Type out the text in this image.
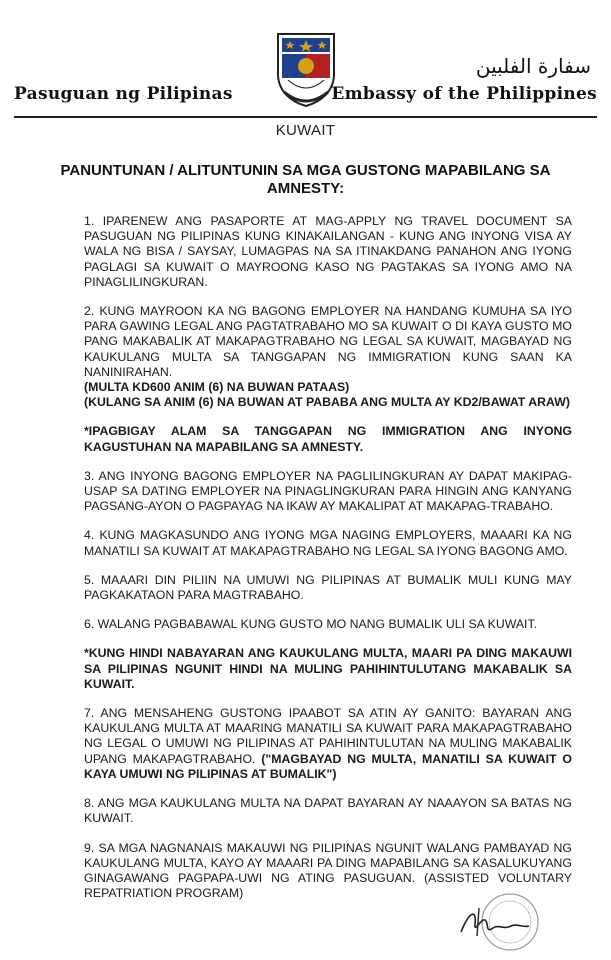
Pasuguan ng Pilipinas
سفارة الفلبين
Embassy of the Philippines
KUWAIT
PANUNTUNAN / ALITUNTUNIN SA MGA GUSTONG MAPABILANG SA AMNESTY:

1. IPARENEW ANG PASAPORTE AT MAG-APPLY NG TRAVEL DOCUMENT SA PASUGUAN NG PILIPINAS KUNG KINAKAILANGAN - KUNG ANG INYONG VISA AY WALA NG BISA / SAYSAY, LUMAGPAS NA SA ITINAKDANG PANAHON ANG IYONG PAGLAGI SA KUWAIT O MAYROONG KASO NG PAGTAKAS SA IYONG AMO NA PINAGLILINGKURAN.

2. KUNG MAYROON KA NG BAGONG EMPLOYER NA HANDANG KUMUHA SA IYO PARA GAWING LEGAL ANG PAGTATRABAHO MO SA KUWAIT O DI KAYA GUSTO MO PANG MAKABALIK AT MAKAPAGTRABAHO NG LEGAL SA KUWAIT, MAGBAYAD NG KAUKULANG MULTA SA TANGGAPAN NG IMMIGRATION KUNG SAAN KA NANINIRAHAN.
(MULTA KD600 ANIM (6) NA BUWAN PATAAS)
(KULANG SA ANIM (6) NA BUWAN AT PABABA ANG MULTA AY KD2/BAWAT ARAW)

*IPAGBIGAY ALAM SA TANGGAPAN NG IMMIGRATION ANG INYONG KAGUSTUHAN NA MAPABILANG SA AMNESTY.

3. ANG INYONG BAGONG EMPLOYER NA PAGLILINGKURAN AY DAPAT MAKIPAG-USAP SA DATING EMPLOYER NA PINAGLINGKURAN PARA HINGIN ANG KANYANG PAGSANG-AYON O PAGPAYAG NA IKAW AY MAKALIPAT AT MAKAPAG-TRABAHO.

4. KUNG MAGKASUNDO ANG IYONG MGA NAGING EMPLOYERS, MAAARI KA NG MANATILI SA KUWAIT AT MAKAPAGTRABAHO NG LEGAL SA IYONG BAGONG AMO.

5. MAAARI DIN PILIIN NA UMUWI NG PILIPINAS AT BUMALIK MULI KUNG MAY PAGKAKATAON PARA MAGTRABAHO.

6. WALANG PAGBABAWAL KUNG GUSTO MO NANG BUMALIK ULI SA KUWAIT.

*KUNG HINDI NABAYARAN ANG KAUKULANG MULTA, MAARI PA DING MAKAUWI SA PILIPINAS NGUNIT HINDI NA MULING PAHIHINTULUTANG MAKABALIK SA KUWAIT.

7. ANG MENSAHENG GUSTONG IPAABOT SA ATIN AY GANITO: BAYARAN ANG KAUKULANG MULTA AT MAARING MANATILI SA KUWAIT PARA MAKAPAGTRABAHO NG LEGAL O UMUWI NG PILIPINAS AT PAHIHINTULUTAN NA MULING MAKABALIK UPANG MAKAPAGTRABAHO. ("MAGBAYAD NG MULTA, MANATILI SA KUWAIT O KAYA UMUWI NG PILIPINAS AT BUMALIK")

8. ANG MGA KAUKULANG MULTA NA DAPAT BAYARAN AY NAAAYON SA BATAS NG KUWAIT.

9. SA MGA NAGNANAIS MAKAUWI NG PILIPINAS NGUNIT WALANG PAMBAYAD NG KAUKULANG MULTA, KAYO AY MAAARI PA DING MAPABILANG SA KASALUKUYANG GINAGAWANG PAGPAPA-UWI NG ATING PASUGUAN. (ASSISTED VOLUNTARY REPATRIATION PROGRAM)
